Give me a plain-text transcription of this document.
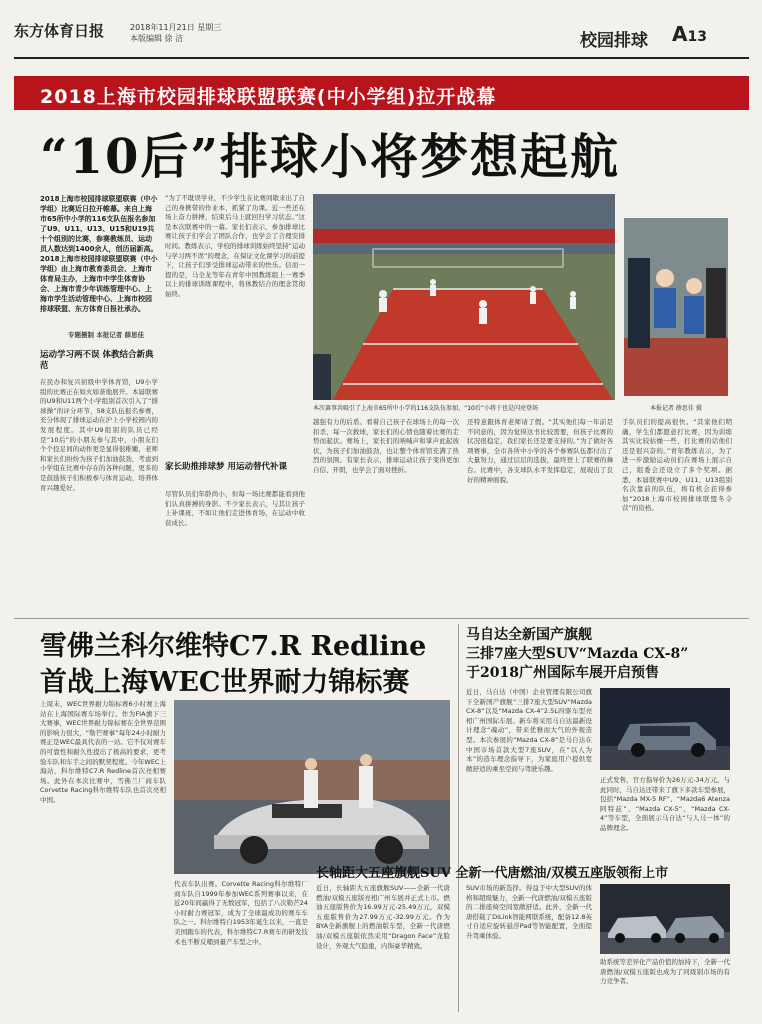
东方体育日报	2018年11月21日 星期三
本版编辑 徐 洁	校园排球 A13
2018上海市校园排球联盟联赛(中小学组)拉开战幕
“10后”排球小将梦想起航
2018上海市校园排球联盟联赛（中小学组）比赛近日拉开帷幕。来自上海市65所中小学的116支队伍报名参加了U9、U11、U13、U15和U19共十个组别的比赛，参赛教练员、运动员人数达到1400余人，创历届新高。2018上海市校园排球联盟联赛（中小学组）由上海市教育委员会、上海市体育局主办，上海市中学生体育协会、上海市青少年训练管理中心、上海市学生活动管理中心、上海市校园排球联盟、东方体育日报社承办。
专题摄制 本报记者 薛思佳
运动学习两不误 体教结合新典范
在民办和复兴初级中学体育馆，U9小学组的比赛正在如火如荼地展开。本届联赛的U9和U11两个小学组别首次引入了“排球操”的评分环节，58支队伍报名参赛，充分体现了排球运动在沪上小学校园内的发展程度。其中U9组别的队员已经是“10后”的小朋友参与其中，小朋友们个个投足间的动作更是显得很稚嫩，老师和家长们纷纷为孩子们加油鼓劲，考虑到小学组在比赛中存在的各种问题，更多的是鼓励孩子们积极参与体育运动，培养体育兴趣爱好。
“为了不耽误学业，不少学生在比赛间歇来出了自己的身携带的作业本，抓紧了功课。近一些还在场上奋力拼搏，结束后马上就回归学习状态。”这是本次联赛中的一幕。家长们表示，参加排球比赛让孩子们学会了团队合作，也学会了合理安排时间。教练表示，学校的排球训练始终坚持“运动与学习两不误”的理念，在保证文化课学习的前提下，让孩子们享受排球运动带来的快乐。信而一提的是，马全龙等年在青年中国教练组上一赛季以上的排球训练课程中，将体教结合的理念贯彻始终。
家长助推排球梦 用运动替代补课
尽管队员们年龄尚小，但每一场比赛都能看到他们认真拼搏的身影。不少家长表示，与其让孩子上补课班，不如让他们走进体育场，在运动中收获成长。
本次赛事共吸引了上海市65所中小学的116支队伍参加，“10后”小将于也是闪亮登场	本报记者 薛思佳 摄
越强有力的后盾。看着自己孩子在球场上的每一次扣杀，每一次救球，家长们的心情也随着比赛的走势而起伏。赛场上，家长们的呐喊声和掌声此起彼伏，为孩子们加油鼓劲，也让整个体育馆充满了热烈的氛围。有家长表示，排球运动让孩子变得更加自信、开朗，也学会了面对挫折。
还特意跟体育老师请了假。“其实他们每一年前是不同意的，因为觉得这书比较需要，但孩子比赛的状况很稳定，我们家长还是要支持的。”为了做好各项赛事，全市各所中小学的各个参赛队伍都付出了大量努力，通过层层的选拔，最终登上了联赛的舞台。比赛中，各支球队水平发挥稳定，展现出了良好的精神面貌。
手队员们的提高很快。“其家他们明确，学生们都愿意打比赛，因为训练其实比较枯燥一些，打比赛的话他们还是很兴奋的。”青年教练表示，为了进一步激励运动员们在赛场上展示自己，组委会还设立了多个奖项。据悉，本届联赛中U9、U11、U13组别名次靠前的队伍，将有机会获得参加“2018上海市校园排球联盟冬令营”的资格。
雪佛兰科尔维特C7.R Redline
首战上海WEC世界耐力锦标赛
上周末，WEC世界耐力锦标赛6小时赛上海站在上海国际赛车场举行。作为FIA旗下三大赛事，WEC世界耐力锦标赛在全世界范围的影响力很大，“勒芒赛事”每年24小时耐力赛正是WEC最具代表的一站。它不仅对赛车的可靠性和耐久性提出了极高的要求，更考验车队和车手之间的默契程度。今年WEC上海站，科尔维特C7.R Redline首次亮相赛场。此外在本次比赛中，雪佛兰厂商车队Corvette Racing科尔维特车队也首次亮相中国。
代表车队出赛。Corvette Racing科尔维特厂商车队自1999年参加WEC系列赛事以来，在近20年间赢得了无数冠军，包括了八次勒芒24小时耐力赛冠军，成为了全球最成功的赛车车队之一。科尔维特自1953年诞生以来，一直是美国跑车的代表，科尔维特C7.R赛车的研发技术也不断反哺到量产车型之中。
马自达全新国产旗舰
三排7座大型SUV“Mazda CX-8”
于2018广州国际车展开启预售
近日，马自达（中国）企业管理有限公司旗下全新国产旗舰“三排7座大型SUV“Mazda CX-8”以及“Mazda CX-4”2.5L四驱车型亮相广州国际车展。新车将采用马自达最新设计理念“魂动”，带来优雅而大气的外观造型。本次参展的“Mazda CX-8”是马自达在中国市场首款大型7座SUV，在“以人为本”的造车理念指导下，为家庭用户提供宽敞舒适的乘坐空间与驾驶乐趣。
正式发售，官方指导价为26万元-34万元。与此同时，马自达还带来了旗下多款车型参展，包括“Mazda MX-5 RF”、“Mazda6 Atenza阿特兹”、“Mazda CX-5”、“Mazda CX-4”等车型，全面展示马自达“与人马一体”的品牌理念。
长轴距大五座旗舰SUV 全新一代唐燃油/双模五座版领衔上市
近日，长轴距大五座旗舰SUV——全新一代唐燃油/双模五座版亮相广州车展并正式上市。燃油五座版售价为16.99万元-25.49万元，双模五座版售价为27.99万元-32.99万元。作为BYA全新旗舰上的燃油版车型，全新一代唐燃油/双模五座版依然采用“Dragon Face”龙脸设计，外观大气稳重，内饰豪华精致。
SUV市场的新选择。得益于中大型SUV的体格和超级魅力，全新一代唐燃油/双模五座版的二排座椅空间宽敞舒适。此外，全新一代唐搭载了DiLink智能网联系统，配备12.8英寸自适应旋转悬浮Pad等智能配置，全面提升驾乘体验。
助系统等差异化产品价值的加持下，全新一代唐燃油/双模五座版也成为了同级别市场的有力竞争者。
